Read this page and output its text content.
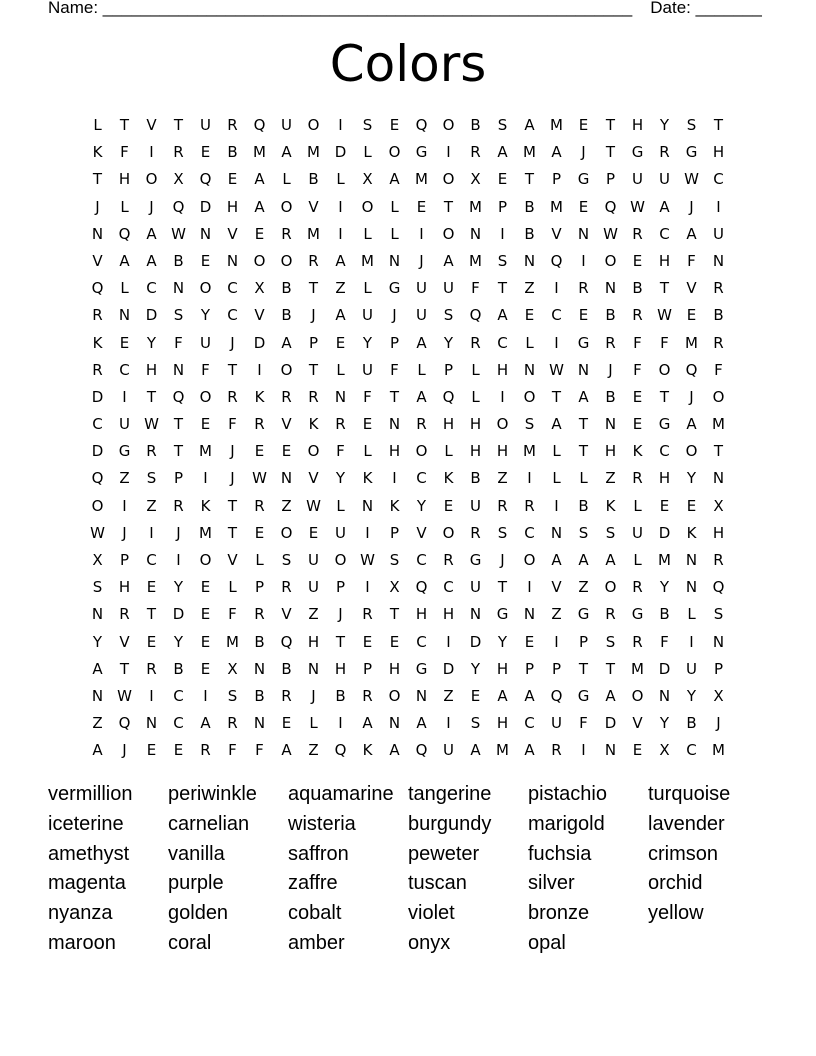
Name: ________________________________________________________ Date: _______
Colors
L	T	V	T	U	R	Q	U	O	I	S	E	Q	O	B	S	A	M	E	T	H	Y	S	T
K	F	I	R	E	B	M	A	M D	L	O	G	I	R	A	M	A	J	T	G	R	G	H
T	H	O	X	Q	E	A	L	B	L	X	A	M O	X	E	T	P	G	P	U	U W C
J	L	J	Q	D	H	A	O	V	I	O	L	E	T	M	P	B	M	E	Q W A	J	I
N	Q	A W N	V	E	R	M	I	L	L	I	O	N	I	B	V	N W R	C	A	U
V	A	A	B	E	N	O	O	R	A	M N	J	A	M	S	N	Q	I	O	E	H	F	N
Q	L	C	N	O	C	X	B	T	Z	L	G	U	U	F	T	Z	I	R	N	B	T	V	R
R	N	D	S	Y	C	V	B	J	A	U	J	U	S	Q	A	E	C	E	B	R W E	B
K	E	Y	F	U	J	D	A	P	E	Y	P	A	Y	R	C	L	I	G	R	F	F	M	R
R	C	H	N	F	T	I	O	T	L	U	F	L	P	L	H	N W N	J	F	O	Q	F
D	I	T	Q	O	R	K	R	R	N	F	T	A	Q	L	I	O	T	A	B	E	T	J	O
C	U W T	E	F	R	V	K	R	E	N	R	H	H	O	S	A	T	N	E	G	A	M
D	G	R	T	M	J	E	E	O	F	L	H	O	L	H	H M	L	T	H	K	C	O	T
Q	Z	S	P	I	J	W N	V	Y	K	I	C	K	B	Z	I	L	L	Z	R	H	Y	N
O	I	Z	R	K	T	R	Z W	L	N	K	Y	E	U	R	R	I	B	K	L	E	E	X
W	J	I	J	M	T	E	O	E	U	I	P	V	O	R	S	C	N	S	S	U	D	K	H
X	P	C	I	O	V	L	S	U	O W S	C	R	G	J	O	A	A	A	L	M N	R
S	H	E	Y	E	L	P	R	U	P	I	X	Q	C	U	T	I	V	Z	O	R	Y	N	Q
N	R	T	D	E	F	R	V	Z	J	R	T	H	H	N	G	N	Z	G	R	G	B	L	S
Y	V	E	Y	E	M	B	Q	H	T	E	E	C	I	D	Y	E	I	P	S	R	F	I	N
A	T	R	B	E	X	N	B	N	H	P	H	G	D	Y	H	P	P	T	T	M D	U	P
N W	I	C	I	S	B	R	J	B	R	O	N	Z	E	A	A	Q	G	A	O	N	Y	X
Z	Q	N	C	A	R	N	E	L	I	A	N	A	I	S	H	C	U	F	D	V	Y	B	J
A	J	E	E	R	F	F	A	Z	Q	K	A	Q	U	A	M	A	R	I	N	E	X	C	M
vermillion	periwinkle	aquamarine tangerine	pistachio	turquoise
iceterine	carnelian	wisteria	burgundy	marigold	lavender
amethyst	vanilla	saffron	peweter	fuchsia	crimson
magenta	purple	zaffre	tuscan	silver	orchid
nyanza	golden	cobalt	violet	bronze	yellow
maroon	coral	amber	onyx	opal
